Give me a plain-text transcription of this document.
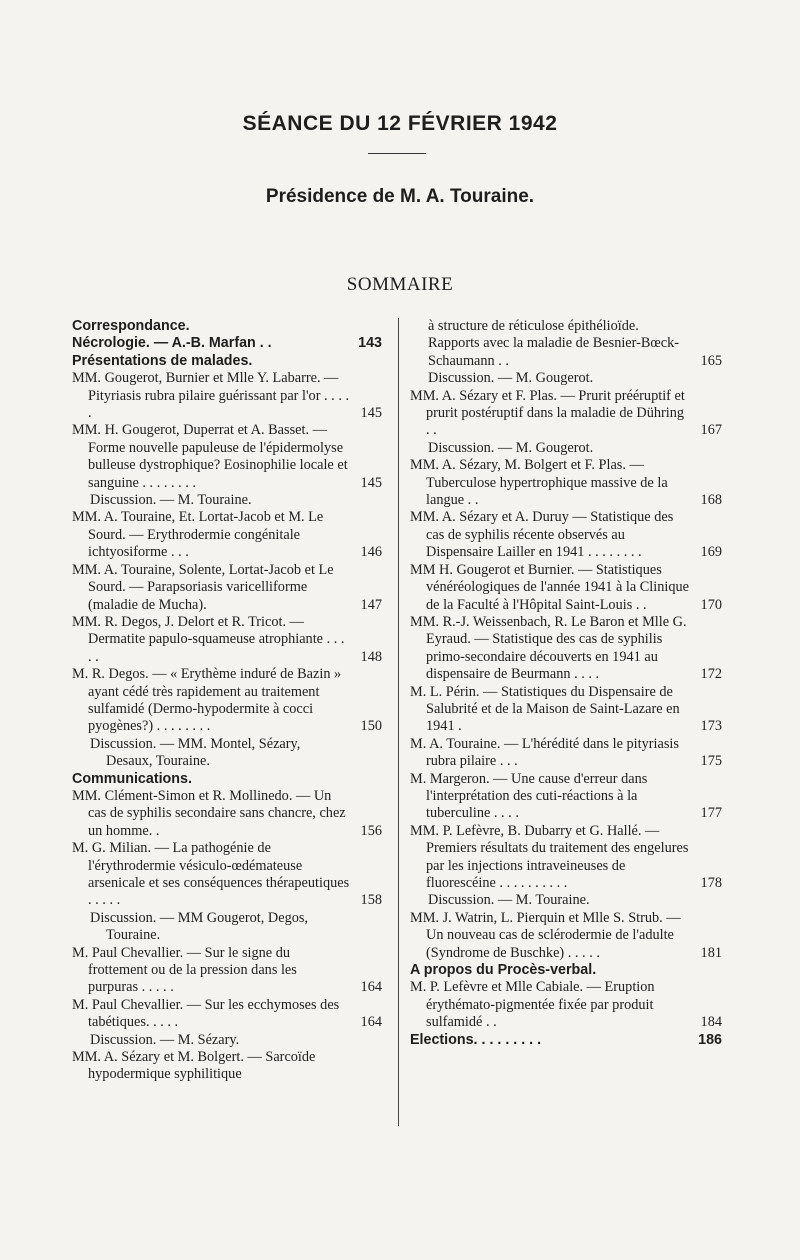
SÉANCE DU 12 FÉVRIER 1942
Présidence de M. A. Touraine.
SOMMAIRE
Correspondance.
Nécrologie. — A.-B. Marfan . .	143
Présentations de malades.
MM. Gougerot, Burnier et Mlle Y. Labarre. — Pityriasis rubra pilaire guérissant par l'or . . . . .	145
MM. H. Gougerot, Duperrat et A. Basset. — Forme nouvelle papuleuse de l'épidermolyse bulleuse dystrophique? Eosinophilie locale et sanguine . . . . . . . .	145
Discussion. — M. Touraine.
MM. A. Touraine, Et. Lortat-Jacob et M. Le Sourd. — Erythrodermie congénitale ichtyosiforme . . .	146
MM. A. Touraine, Solente, Lortat-Jacob et Le Sourd. — Parapsoriasis varicelliforme (maladie de Mucha).	147
MM. R. Degos, J. Delort et R. Tricot. — Dermatite papulo-squameuse atrophiante . . . . .	148
M. R. Degos. — « Erythème induré de Bazin » ayant cédé très rapidement au traitement sulfamidé (Dermo-hypodermite à cocci pyogènes?) . . . . . . . .	150
Discussion. — MM. Montel, Sézary, Desaux, Touraine.
Communications.
MM. Clément-Simon et R. Mollinedo. — Un cas de syphilis secondaire sans chancre, chez un homme. .	156
M. G. Milian. — La pathogénie de l'érythrodermie vésiculo-œdémateuse arsenicale et ses conséquences thérapeutiques . . . . .	158
Discussion. — MM Gougerot, Degos, Touraine.
M. Paul Chevallier. — Sur le signe du frottement ou de la pression dans les purpuras . . . . .	164
M. Paul Chevallier. — Sur les ecchymoses des tabétiques. . . . .	164
Discussion. — M. Sézary.
MM. A. Sézary et M. Bolgert. — Sarcoïde hypodermique syphilitique
à structure de réticulose épithélioïde. Rapports avec la maladie de Besnier-Bœck-Schaumann . .	165
Discussion. — M. Gougerot.
MM. A. Sézary et F. Plas. — Prurit prééruptif et prurit postéruptif dans la maladie de Dühring . .	167
Discussion. — M. Gougerot.
MM. A. Sézary, M. Bolgert et F. Plas. — Tuberculose hypertrophique massive de la langue . .	168
MM. A. Sézary et A. Duruy — Statistique des cas de syphilis récente observés au Dispensaire Lailler en 1941 . . . . . . . .	169
MM H. Gougerot et Burnier. — Statistiques vénéréologiques de l'année 1941 à la Clinique de la Faculté à l'Hôpital Saint-Louis . .	170
MM. R.-J. Weissenbach, R. Le Baron et Mlle G. Eyraud. — Statistique des cas de syphilis primo-secondaire découverts en 1941 au dispensaire de Beurmann . . . .	172
M. L. Périn. — Statistiques du Dispensaire de Salubrité et de la Maison de Saint-Lazare en 1941 .	173
M. A. Touraine. — L'hérédité dans le pityriasis rubra pilaire . . .	175
M. Margeron. — Une cause d'erreur dans l'interprétation des cuti-réactions à la tuberculine . . . .	177
MM. P. Lefèvre, B. Dubarry et G. Hallé. — Premiers résultats du traitement des engelures par les injections intraveineuses de fluorescéine . . . . . . . . . .	178
Discussion. — M. Touraine.
MM. J. Watrin, L. Pierquin et Mlle S. Strub. — Un nouveau cas de sclérodermie de l'adulte (Syndrome de Buschke) . . . . .	181
A propos du Procès-verbal.
M. P. Lefèvre et Mlle Cabiale. — Eruption érythémato-pigmentée fixée par produit sulfamidé . .	184
Elections. . . . . . . . .	186
